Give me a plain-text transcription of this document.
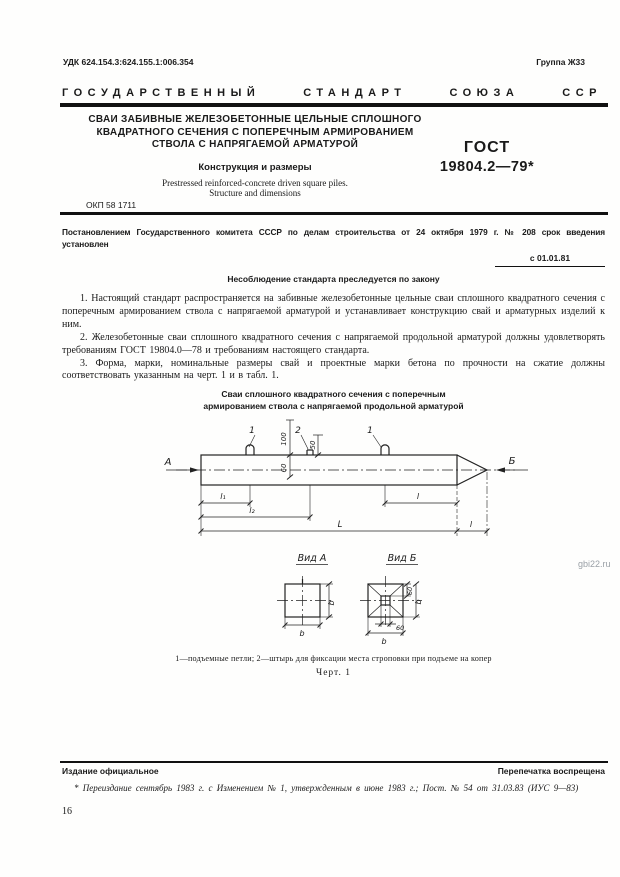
УДК 624.154.3:624.155.1:006.354	Группа Ж33
ГОСУДАРСТВЕННЫЙ	СТАНДАРТ	СОЮЗА	ССР
СВАИ ЗАБИВНЫЕ ЖЕЛЕЗОБЕТОННЫЕ ЦЕЛЬНЫЕ СПЛОШНОГО
КВАДРАТНОГО СЕЧЕНИЯ С ПОПЕРЕЧНЫМ АРМИРОВАНИЕМ
СТВОЛА С НАПРЯГАЕМОЙ АРМАТУРОЙ
Конструкция и размеры
Prestressed reinforced-concrete driven square piles.
Structure and dimensions
ГОСТ
19804.2—79*
ОКП 58 1711
Постановлением Государственного комитета СССР по делам строительства от 24 октября 1979 г. № 208 срок введения установлен
с 01.01.81
Несоблюдение стандарта преследуется по закону

1. Настоящий стандарт распространяется на забивные железобетонные цельные сваи сплошного квадратного сечения с поперечным армированием ствола с напрягаемой арматурой и устанавливает конструкцию свай и арматурных изделий к ним.

2. Железобетонные сваи сплошного квадратного сечения с напрягаемой продольной арматурой должны удовлетворять требованиям ГОСТ 19804.0—78 и требованиям настоящего стандарта.

3. Форма, марки, номинальные размеры свай и проектные марки бетона по прочности на сжатие должны соответствовать указанным на черт. 1 и в табл. 1.

Сваи сплошного квадратного сечения с поперечным
армированием ствола с напрягаемой продольной арматурой
А	Б
1	2	1
100
60
50
l₁
l₂
l
L	l
Вид А
b
b
Вид Б
60
b
60
b
1—подъемные петли; 2—штырь для фиксации места строповки при подъеме на копер
Черт. 1
gbi22.ru
Издание официальное	Перепечатка воспрещена
* Переиздание сентябрь 1983 г. с Изменением № 1, утвержденным в июне 1983 г.; Пост. № 54 от 31.03.83 (ИУС 9—83)
16
